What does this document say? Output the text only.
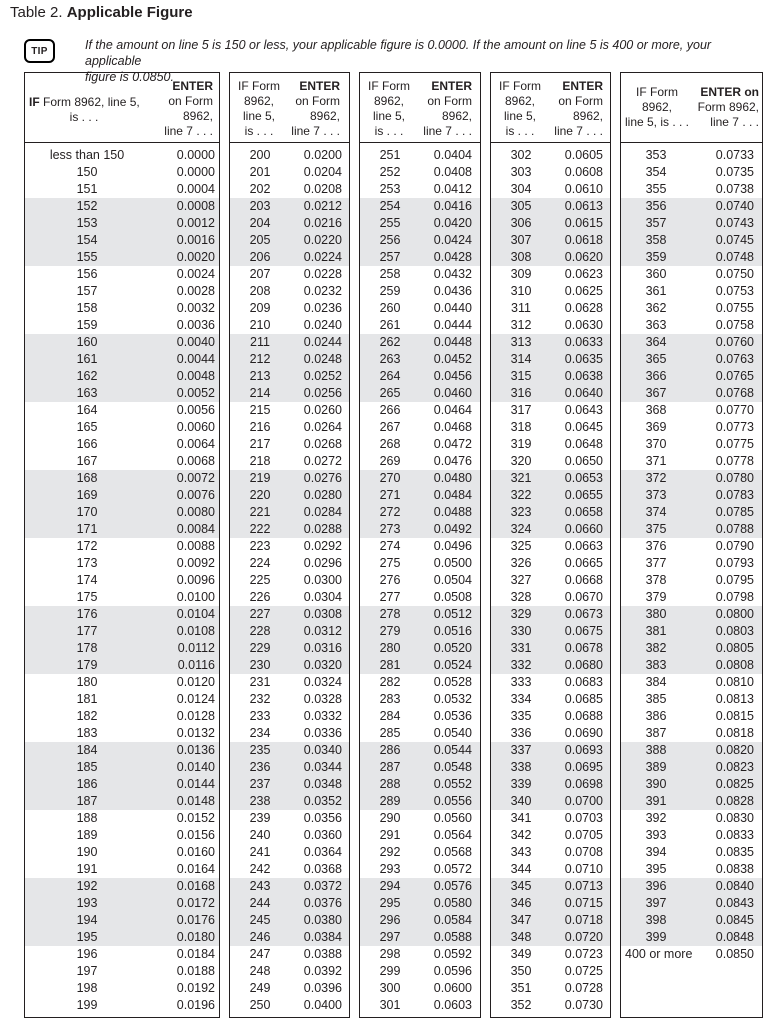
Table 2. Applicable Figure
TIP	If the amount on line 5 is 150 or less, your applicable figure is 0.0000. If the amount on line 5 is 400 or more, your applicable
figure is 0.0850.
IF Form 8962, line 5,
is . . .
ENTER
on Form
8962,
line 7 . . .
less than 150	0.0000
150	0.0000
151	0.0004
152	0.0008
153	0.0012
154	0.0016
155	0.0020
156	0.0024
157	0.0028
158	0.0032
159	0.0036
160	0.0040
161	0.0044
162	0.0048
163	0.0052
164	0.0056
165	0.0060
166	0.0064
167	0.0068
168	0.0072
169	0.0076
170	0.0080
171	0.0084
172	0.0088
173	0.0092
174	0.0096
175	0.0100
176	0.0104
177	0.0108
178	0.0112
179	0.0116
180	0.0120
181	0.0124
182	0.0128
183	0.0132
184	0.0136
185	0.0140
186	0.0144
187	0.0148
188	0.0152
189	0.0156
190	0.0160
191	0.0164
192	0.0168
193	0.0172
194	0.0176
195	0.0180
196	0.0184
197	0.0188
198	0.0192
199	0.0196
IF Form
8962,
line 5,
is . . .
ENTER
on Form
8962,
line 7 . . .
200	0.0200
201	0.0204
202	0.0208
203	0.0212
204	0.0216
205	0.0220
206	0.0224
207	0.0228
208	0.0232
209	0.0236
210	0.0240
211	0.0244
212	0.0248
213	0.0252
214	0.0256
215	0.0260
216	0.0264
217	0.0268
218	0.0272
219	0.0276
220	0.0280
221	0.0284
222	0.0288
223	0.0292
224	0.0296
225	0.0300
226	0.0304
227	0.0308
228	0.0312
229	0.0316
230	0.0320
231	0.0324
232	0.0328
233	0.0332
234	0.0336
235	0.0340
236	0.0344
237	0.0348
238	0.0352
239	0.0356
240	0.0360
241	0.0364
242	0.0368
243	0.0372
244	0.0376
245	0.0380
246	0.0384
247	0.0388
248	0.0392
249	0.0396
250	0.0400
IF Form
8962,
line 5,
is . . .
ENTER
on Form
8962,
line 7 . . .
251	0.0404
252	0.0408
253	0.0412
254	0.0416
255	0.0420
256	0.0424
257	0.0428
258	0.0432
259	0.0436
260	0.0440
261	0.0444
262	0.0448
263	0.0452
264	0.0456
265	0.0460
266	0.0464
267	0.0468
268	0.0472
269	0.0476
270	0.0480
271	0.0484
272	0.0488
273	0.0492
274	0.0496
275	0.0500
276	0.0504
277	0.0508
278	0.0512
279	0.0516
280	0.0520
281	0.0524
282	0.0528
283	0.0532
284	0.0536
285	0.0540
286	0.0544
287	0.0548
288	0.0552
289	0.0556
290	0.0560
291	0.0564
292	0.0568
293	0.0572
294	0.0576
295	0.0580
296	0.0584
297	0.0588
298	0.0592
299	0.0596
300	0.0600
301	0.0603
IF Form
8962,
line 5,
is . . .
ENTER
on Form
8962,
line 7 . . .
302	0.0605
303	0.0608
304	0.0610
305	0.0613
306	0.0615
307	0.0618
308	0.0620
309	0.0623
310	0.0625
311	0.0628
312	0.0630
313	0.0633
314	0.0635
315	0.0638
316	0.0640
317	0.0643
318	0.0645
319	0.0648
320	0.0650
321	0.0653
322	0.0655
323	0.0658
324	0.0660
325	0.0663
326	0.0665
327	0.0668
328	0.0670
329	0.0673
330	0.0675
331	0.0678
332	0.0680
333	0.0683
334	0.0685
335	0.0688
336	0.0690
337	0.0693
338	0.0695
339	0.0698
340	0.0700
341	0.0703
342	0.0705
343	0.0708
344	0.0710
345	0.0713
346	0.0715
347	0.0718
348	0.0720
349	0.0723
350	0.0725
351	0.0728
352	0.0730
IF Form
8962,
line 5, is . . .
ENTER on
Form 8962,
line 7 . . .
353	0.0733
354	0.0735
355	0.0738
356	0.0740
357	0.0743
358	0.0745
359	0.0748
360	0.0750
361	0.0753
362	0.0755
363	0.0758
364	0.0760
365	0.0763
366	0.0765
367	0.0768
368	0.0770
369	0.0773
370	0.0775
371	0.0778
372	0.0780
373	0.0783
374	0.0785
375	0.0788
376	0.0790
377	0.0793
378	0.0795
379	0.0798
380	0.0800
381	0.0803
382	0.0805
383	0.0808
384	0.0810
385	0.0813
386	0.0815
387	0.0818
388	0.0820
389	0.0823
390	0.0825
391	0.0828
392	0.0830
393	0.0833
394	0.0835
395	0.0838
396	0.0840
397	0.0843
398	0.0845
399	0.0848
400 or more	0.0850
